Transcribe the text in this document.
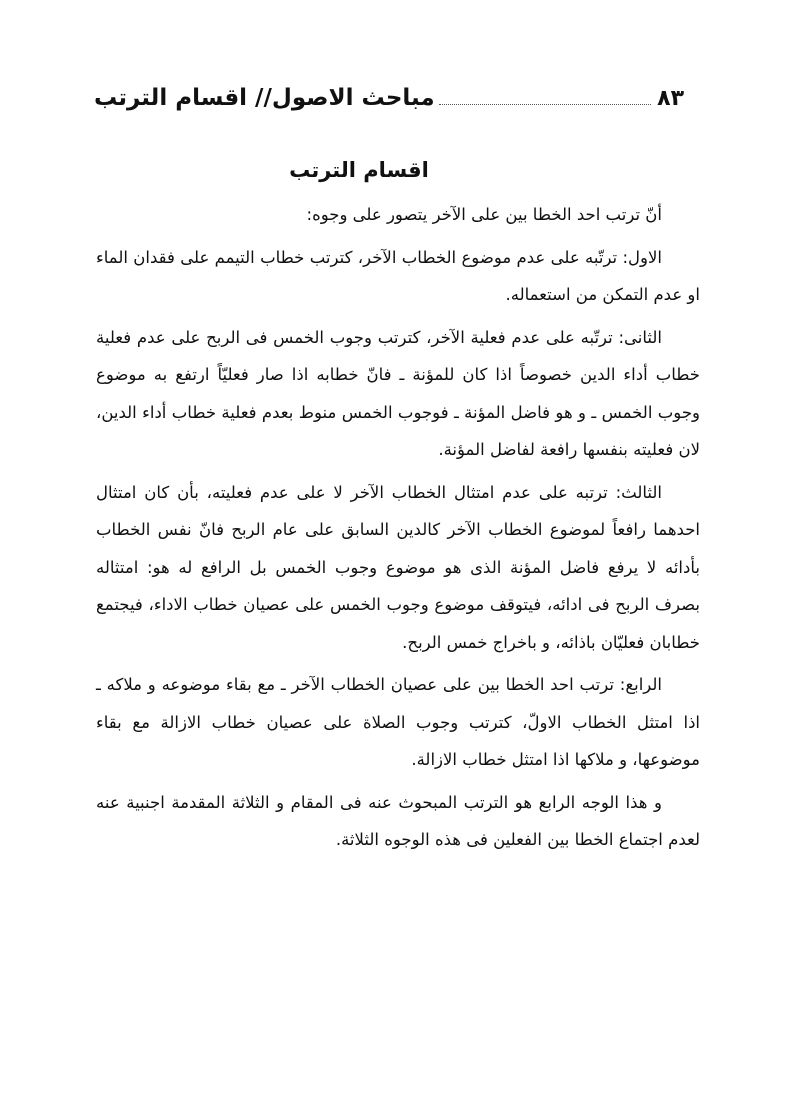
مباحث الاصول// اقسام الترتب	٨٣
اقسام الترتب

أنّ ترتب احد الخطا بين على الآخر يتصور على وجوه:

الاول: ترتّبه على عدم موضوع الخطاب الآخر، كترتب خطاب التيمم على فقدان الماء او عدم التمكن من استعماله.

الثانى: ترتّبه على عدم فعلية الآخر، كترتب وجوب الخمس فى الربح على عدم فعلية خطاب أداء الدين خصوصاً اذا كان للمؤنة ـ فانّ خطابه اذا صار فعليّاً ارتفع به موضوع وجوب الخمس ـ و هو فاضل المؤنة ـ فوجوب الخمس منوط بعدم فعلية خطاب أداء الدين، لان فعليته بنفسها رافعة لفاضل المؤنة.

الثالث: ترتبه على عدم امتثال الخطاب الآخر لا على عدم فعليته، بأن كان امتثال احدهما رافعاً لموضوع الخطاب الآخر كالدين السابق على عام الربح فانّ نفس الخطاب بأدائه لا يرفع فاضل المؤنة الذى هو موضوع وجوب الخمس بل الرافع له هو: امتثاله بصرف الربح فى ادائه، فيتوقف موضوع وجوب الخمس على عصيان خطاب الاداء، فيجتمع خطابان فعليّان باذائه، و باخراج خمس الربح.

الرابع: ترتب احد الخطا بين على عصيان الخطاب الآخر ـ مع بقاء موضوعه و ملاكه ـ اذا امتثل الخطاب الاولّ، كترتب وجوب الصلاة على عصيان خطاب الازالة مع بقاء موضوعها، و ملاكها اذا امتثل خطاب الازالة.

و هذا الوجه الرابع هو الترتب المبحوث عنه فى المقام و الثلاثة المقدمة اجنبية عنه لعدم اجتماع الخطا بين الفعلين فى هذه الوجوه الثلاثة.
